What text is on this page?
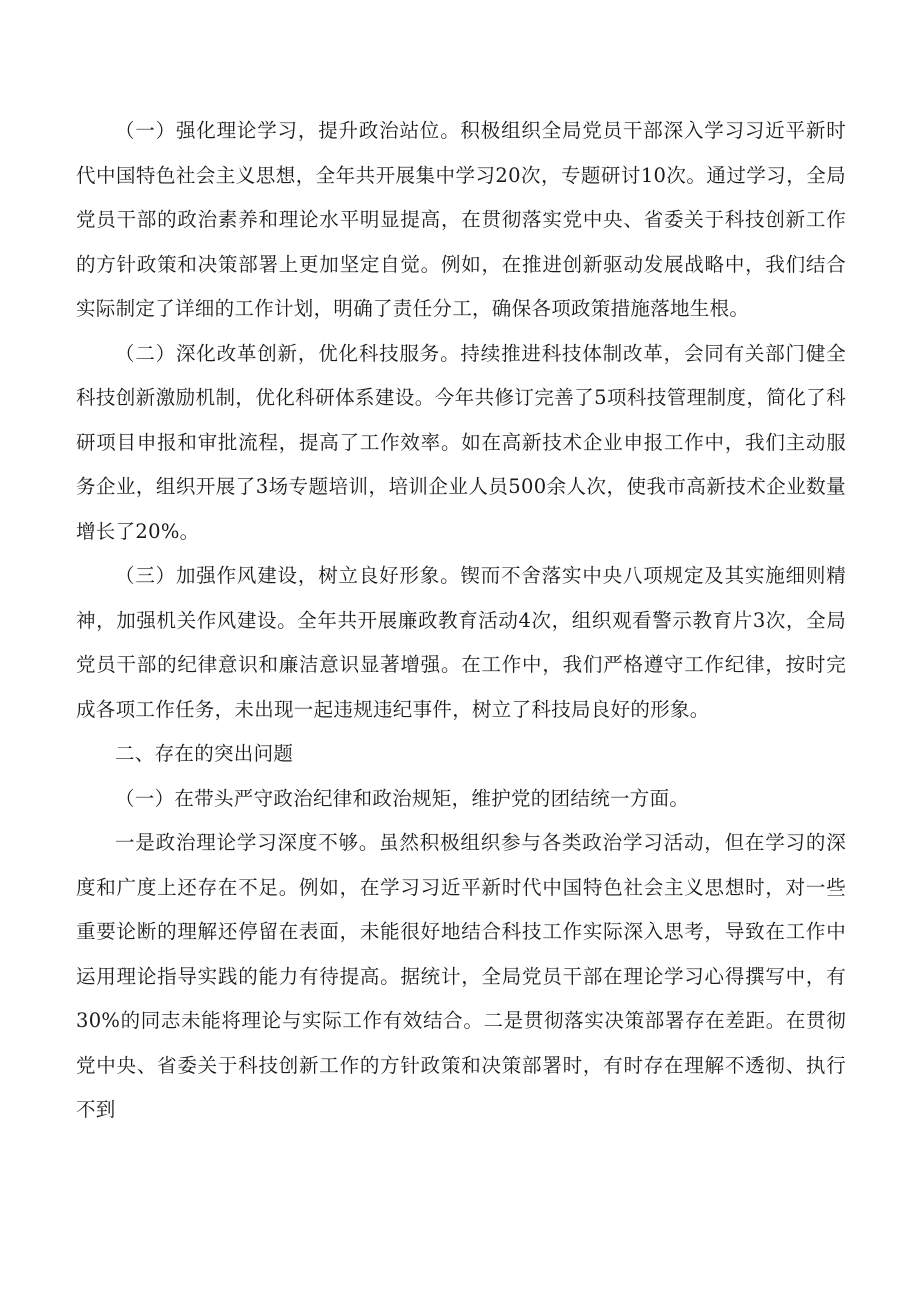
（一）强化理论学习，提升政治站位。积极组织全局党员干部深入学习习近平新时代中国特色社会主义思想，全年共开展集中学习20次，专题研讨10次。通过学习，全局党员干部的政治素养和理论水平明显提高，在贯彻落实党中央、省委关于科技创新工作的方针政策和决策部署上更加坚定自觉。例如，在推进创新驱动发展战略中，我们结合实际制定了详细的工作计划，明确了责任分工，确保各项政策措施落地生根。

（二）深化改革创新，优化科技服务。持续推进科技体制改革，会同有关部门健全科技创新激励机制，优化科研体系建设。今年共修订完善了5项科技管理制度，简化了科研项目申报和审批流程，提高了工作效率。如在高新技术企业申报工作中，我们主动服务企业，组织开展了3场专题培训，培训企业人员500余人次，使我市高新技术企业数量增长了20%。

（三）加强作风建设，树立良好形象。锲而不舍落实中央八项规定及其实施细则精神，加强机关作风建设。全年共开展廉政教育活动4次，组织观看警示教育片3次，全局党员干部的纪律意识和廉洁意识显著增强。在工作中，我们严格遵守工作纪律，按时完成各项工作任务，未出现一起违规违纪事件，树立了科技局良好的形象。

二、存在的突出问题

（一）在带头严守政治纪律和政治规矩，维护党的团结统一方面。

一是政治理论学习深度不够。虽然积极组织参与各类政治学习活动，但在学习的深度和广度上还存在不足。例如，在学习习近平新时代中国特色社会主义思想时，对一些重要论断的理解还停留在表面，未能很好地结合科技工作实际深入思考，导致在工作中运用理论指导实践的能力有待提高。据统计，全局党员干部在理论学习心得撰写中，有30%的同志未能将理论与实际工作有效结合。二是贯彻落实决策部署存在差距。在贯彻党中央、省委关于科技创新工作的方针政策和决策部署时，有时存在理解不透彻、执行不到
